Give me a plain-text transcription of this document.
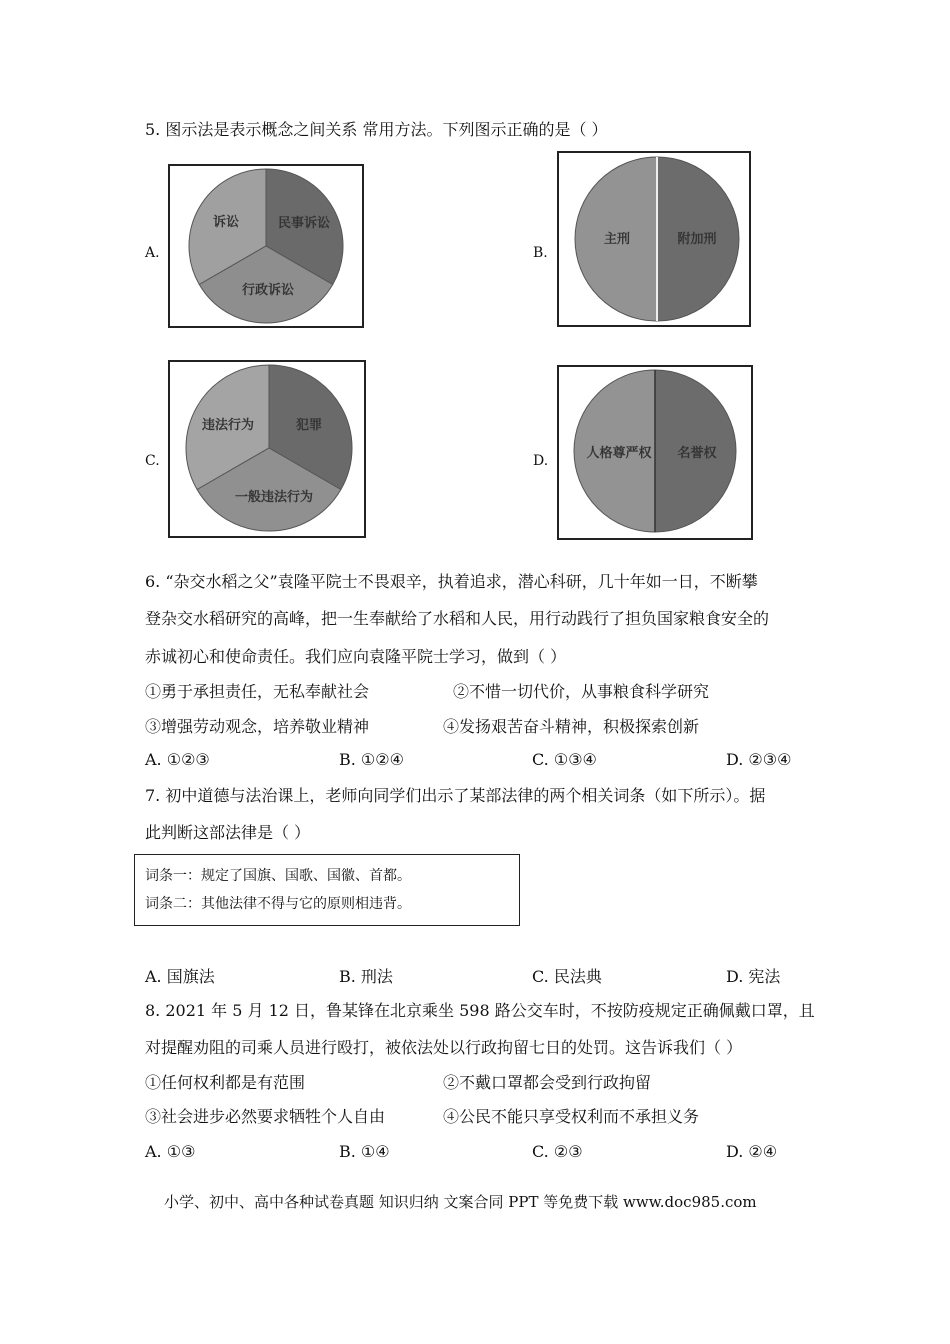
5. 图示法是表示概念之间关系 常用方法。下列图示正确的是（ ）
A.
诉讼	民事诉讼
行政诉讼
B.
主刑	附加刑
C.
违法行为	犯罪
一般违法行为
D.	人格尊严权 名誉权
6. “杂交水稻之父”袁隆平院士不畏艰辛，执着追求，潜心科研，几十年如一日，不断攀
登杂交水稻研究的高峰，把一生奉献给了水稻和人民，用行动践行了担负国家粮食安全的
赤诚初心和使命责任。我们应向袁隆平院士学习，做到（ ）
①勇于承担责任，无私奉献社会	②不惜一切代价，从事粮食科学研究
③增强劳动观念，培养敬业精神	④发扬艰苦奋斗精神，积极探索创新
A. ①②③	B. ①②④	C. ①③④	D. ②③④
7. 初中道德与法治课上，老师向同学们出示了某部法律的两个相关词条（如下所示）。据
此判断这部法律是（ ）
词条一：规定了国旗、国歌、国徽、首都。
词条二：其他法律不得与它的原则相违背。
A. 国旗法	B. 刑法	C. 民法典	D. 宪法
8. 2021 年 5 月 12 日，鲁某锋在北京乘坐 598 路公交车时，不按防疫规定正确佩戴口罩，且
对提醒劝阻的司乘人员进行殴打，被依法处以行政拘留七日的处罚。这告诉我们（ ）
①任何权利都是有范围	②不戴口罩都会受到行政拘留
③社会进步必然要求牺牲个人自由	④公民不能只享受权利而不承担义务
A. ①③	B. ①④	C. ②③	D. ②④
小学、初中、高中各种试卷真题 知识归纳 文案合同 PPT 等免费下载 www.doc985.com
